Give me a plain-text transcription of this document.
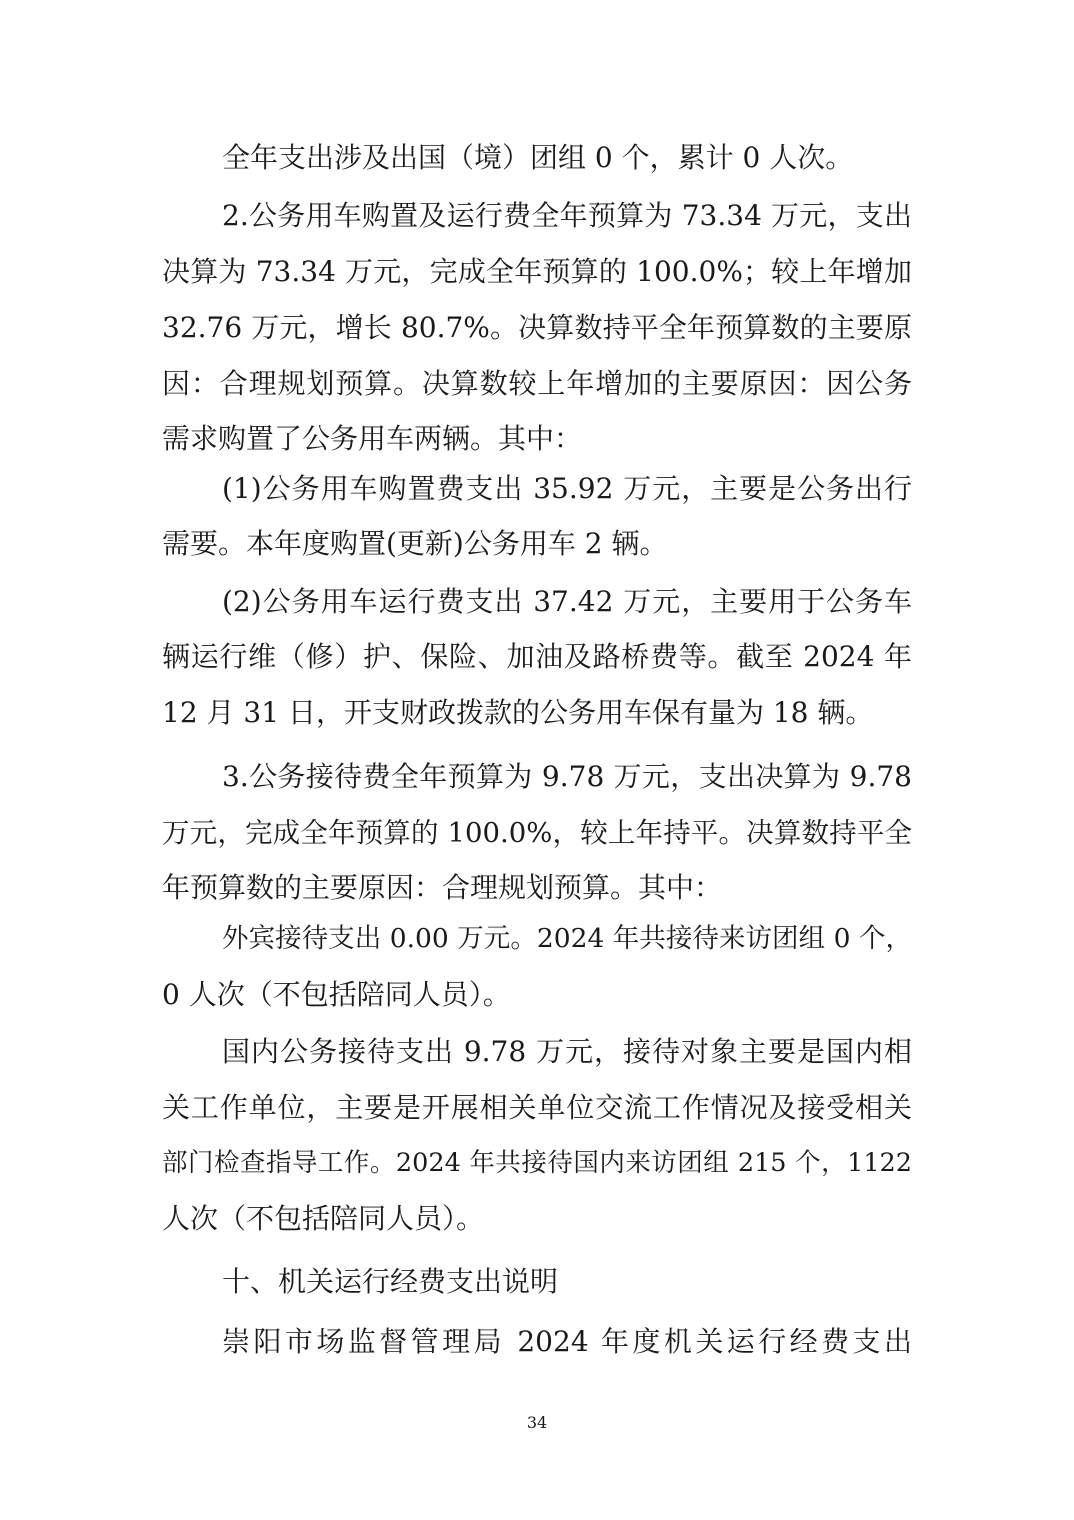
全年支出涉及出国（境）团组 0 个，累计 0 人次。
2.公务用车购置及运行费全年预算为 73.34 万元，支出
决算为 73.34 万元，完成全年预算的 100.0%；较上年增加
32.76 万元，增长 80.7%。决算数持平全年预算数的主要原
因：合理规划预算。决算数较上年增加的主要原因：因公务
需求购置了公务用车两辆。其中：
(1)公务用车购置费支出 35.92 万元，主要是公务出行
需要。本年度购置(更新)公务用车 2 辆。
(2)公务用车运行费支出 37.42 万元，主要用于公务车
辆运行维（修）护、保险、加油及路桥费等。截至 2024 年
12 月 31 日，开支财政拨款的公务用车保有量为 18 辆。
3.公务接待费全年预算为 9.78 万元，支出决算为 9.78
万元，完成全年预算的 100.0%，较上年持平。决算数持平全
年预算数的主要原因：合理规划预算。其中：
外宾接待支出 0.00 万元。2024 年共接待来访团组 0 个，
0 人次（不包括陪同人员）。
国内公务接待支出 9.78 万元，接待对象主要是国内相
关工作单位，主要是开展相关单位交流工作情况及接受相关
部门检查指导工作。2024 年共接待国内来访团组 215 个，1122
人次（不包括陪同人员）。
十、机关运行经费支出说明
崇阳市场监督管理局 2024 年度机关运行经费支出
34
